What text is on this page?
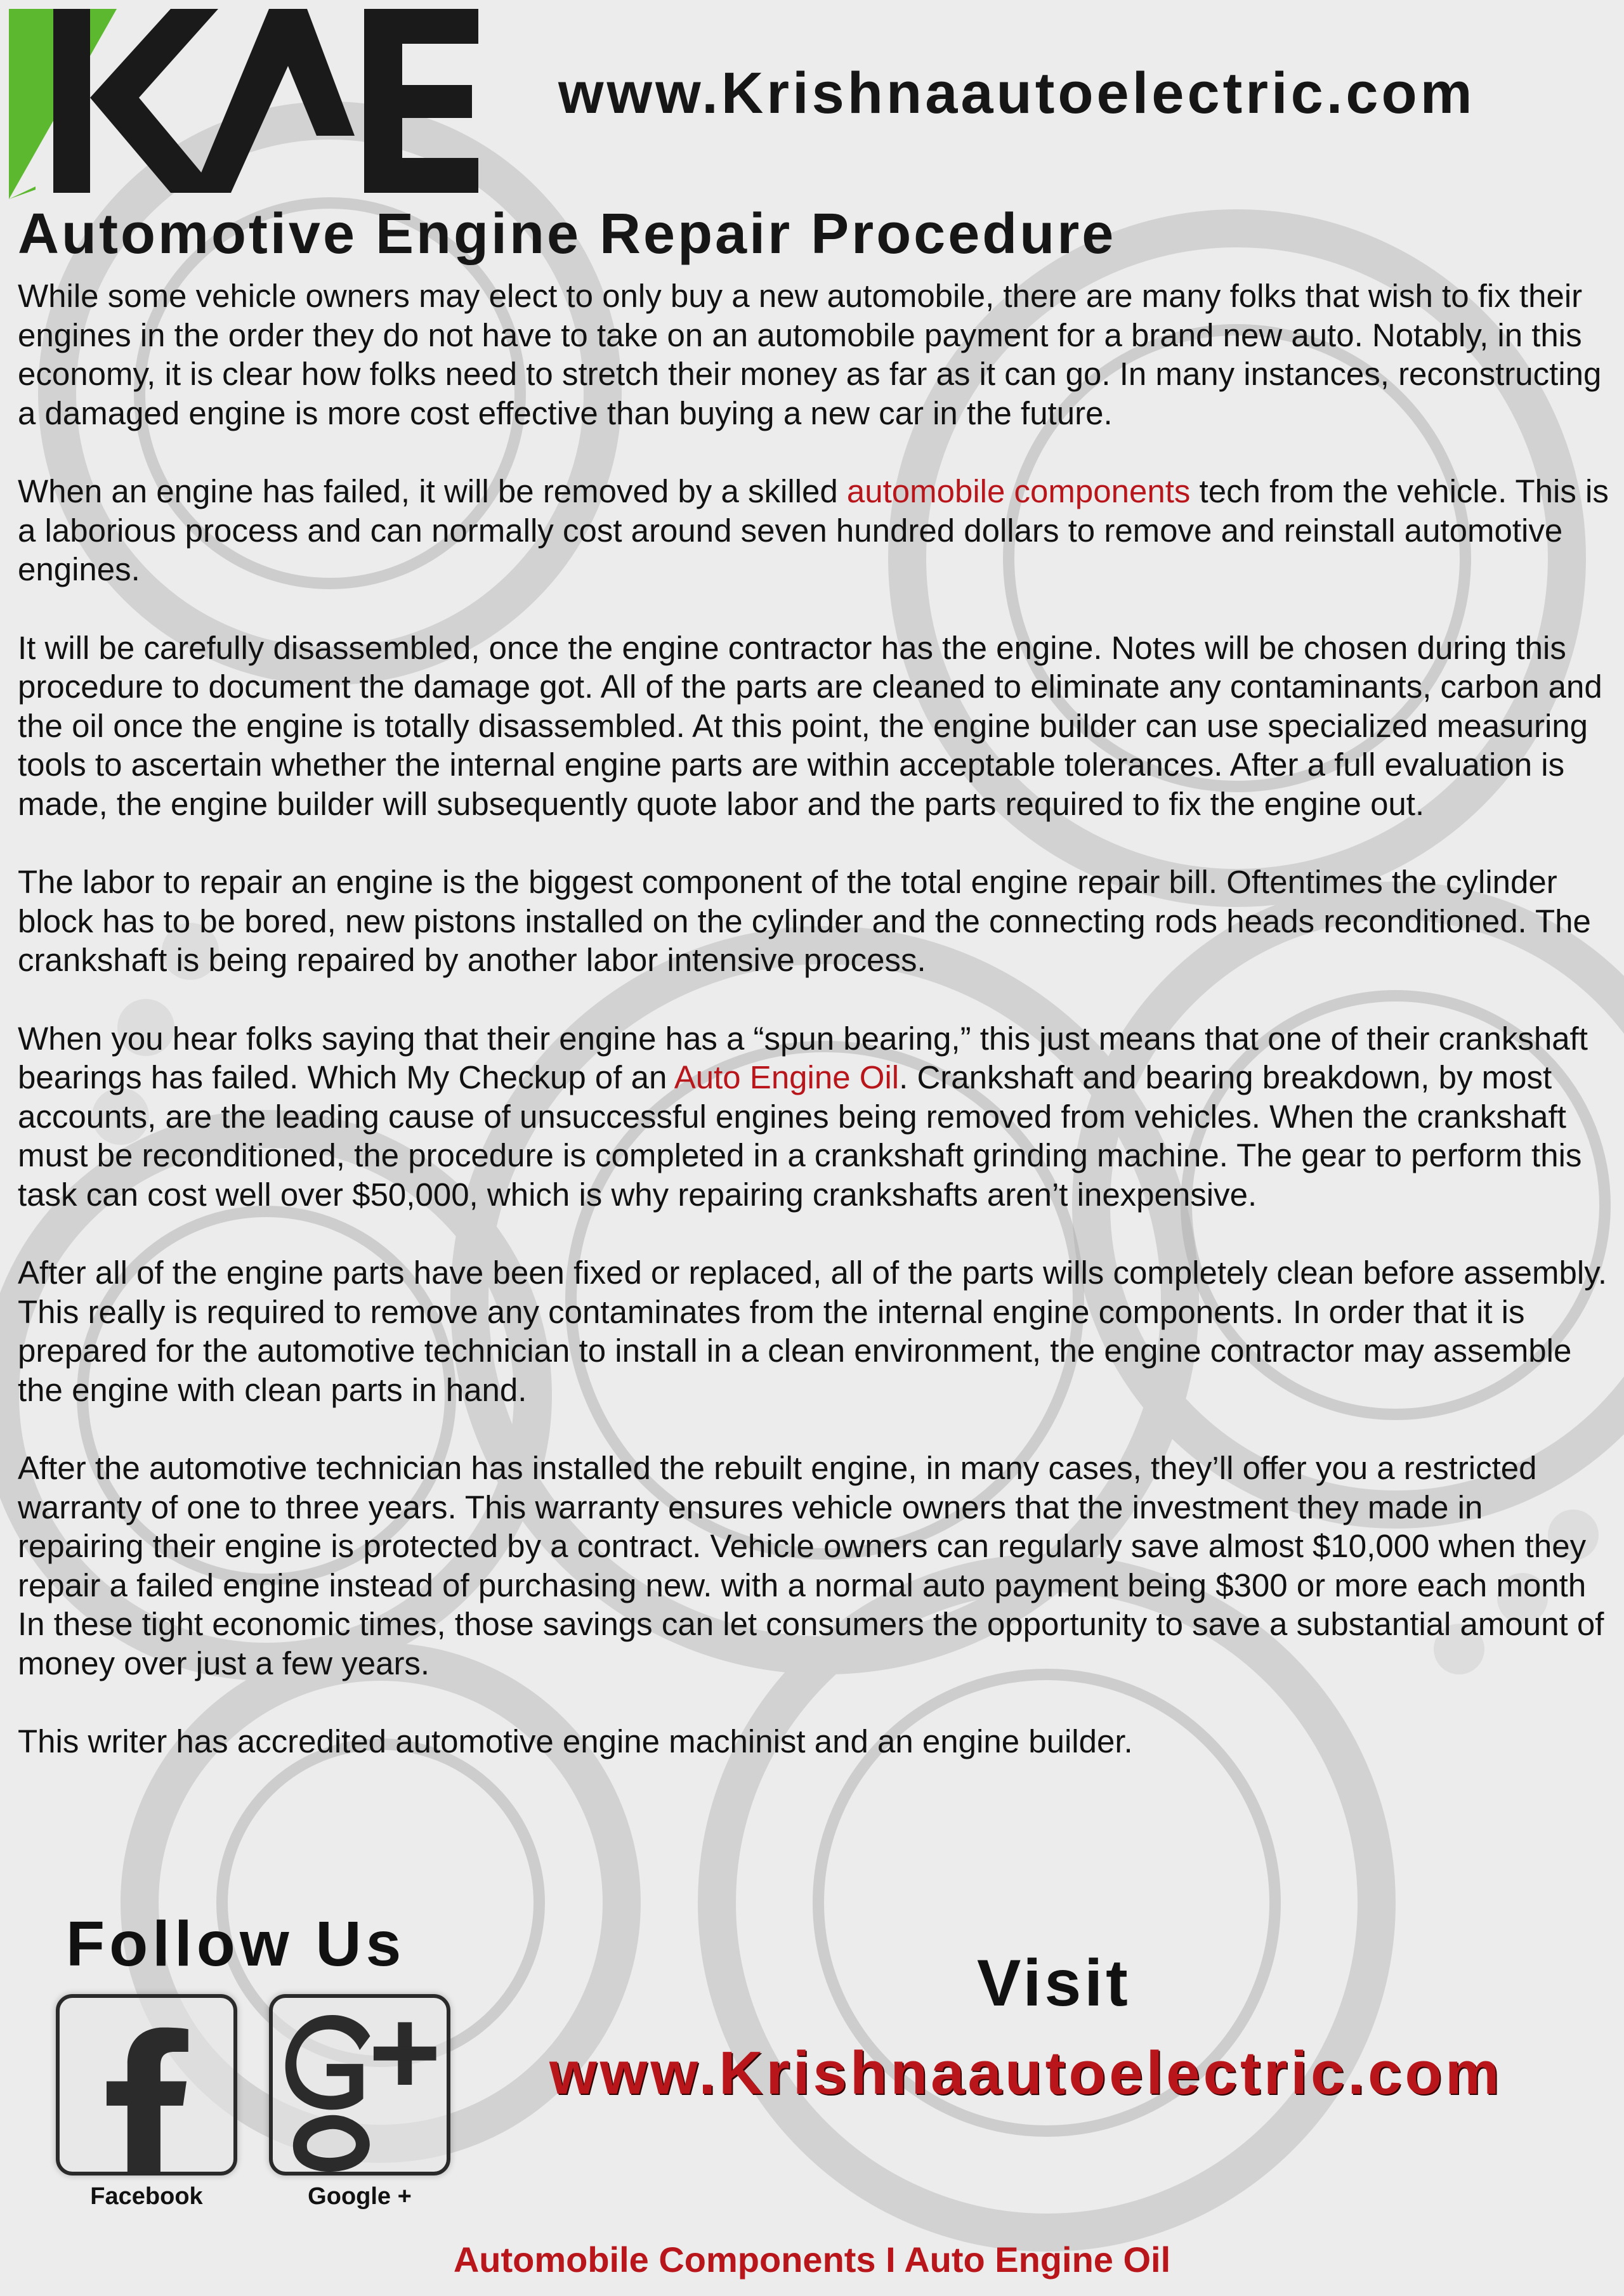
www.Krishnaautoelectric.com
Automotive Engine Repair Procedure

While some vehicle owners may elect to only buy a new automobile, there are many folks that wish to fix their engines in the order they do not have to take on an automobile payment for a brand new auto. Notably, in this economy, it is clear how folks need to stretch their money as far as it can go. In many instances, reconstructing a damaged engine is more cost effective than buying a new car in the future.

When an engine has failed, it will be removed by a skilled automobile components tech from the vehicle. This is a laborious process and can normally cost around seven hundred dollars to remove and reinstall automotive engines.

It will be carefully disassembled, once the engine contractor has the engine. Notes will be chosen during this procedure to document the damage got. All of the parts are cleaned to eliminate any contaminants, carbon and the oil once the engine is totally disassembled. At this point, the engine builder can use specialized measuring tools to ascertain whether the internal engine parts are within acceptable tolerances. After a full evaluation is made, the engine builder will subsequently quote labor and the parts required to fix the engine out.

The labor to repair an engine is the biggest component of the total engine repair bill. Oftentimes the cylinder block has to be bored, new pistons installed on the cylinder and the connecting rods heads reconditioned. The crankshaft is being repaired by another labor intensive process.

When you hear folks saying that their engine has a “spun bearing,” this just means that one of their crankshaft bearings has failed. Which My Checkup of an Auto Engine Oil. Crankshaft and bearing breakdown, by most accounts, are the leading cause of unsuccessful engines being removed from vehicles. When the crankshaft must be reconditioned, the procedure is completed in a crankshaft grinding machine. The gear to perform this task can cost well over $50,000, which is why repairing crankshafts aren’t inexpensive.

After all of the engine parts have been fixed or replaced, all of the parts wills completely clean before assembly. This really is required to remove any contaminates from the internal engine components. In order that it is prepared for the automotive technician to install in a clean environment, the engine contractor may assemble the engine with clean parts in hand.

After the automotive technician has installed the rebuilt engine, in many cases, they’ll offer you a restricted warranty of one to three years. This warranty ensures vehicle owners that the investment they made in repairing their engine is protected by a contract. Vehicle owners can regularly save almost $10,000 when they repair a failed engine instead of purchasing new. with a normal auto payment being $300 or more each month In these tight economic times, those savings can let consumers the opportunity to save a substantial amount of money over just a few years.

This writer has accredited automotive engine machinist and an engine builder.

Follow Us
Facebook	Google +
Visit
www.Krishnaautoelectric.com
Automobile Components I Auto Engine Oil
